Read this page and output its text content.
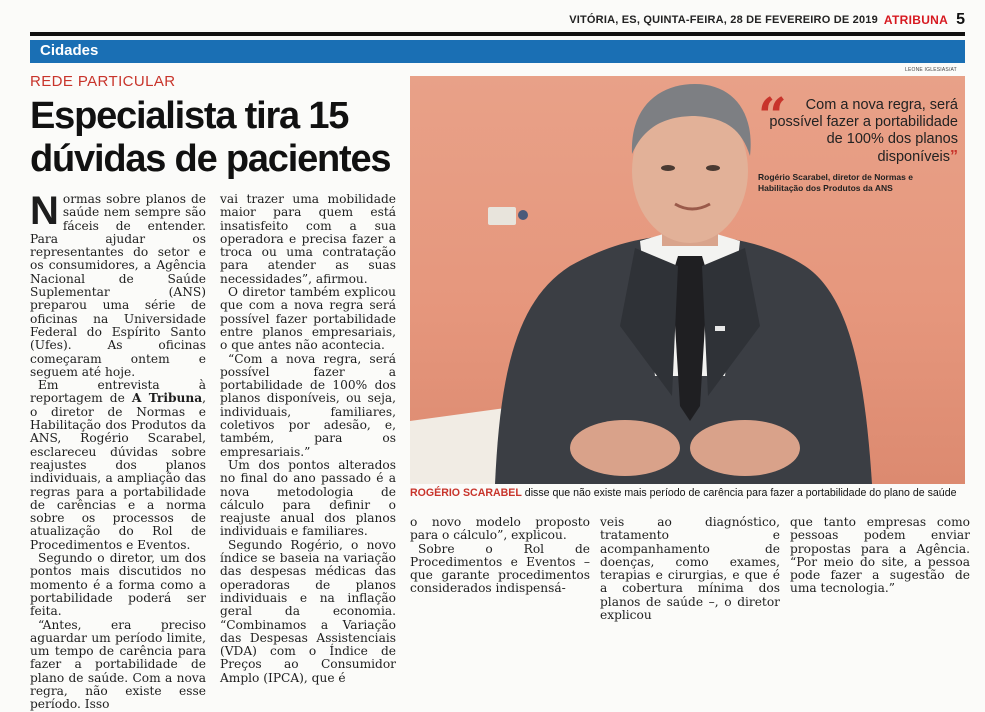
VITÓRIA, ES, QUINTA-FEIRA, 28 DE FEVEREIRO DE 2019 ATRIBUNA 5
Cidades
REDE PARTICULAR
Especialista tira 15 dúvidas de pacientes

Normas sobre planos de saúde nem sempre são fáceis de entender. Para ajudar os representantes do setor e os consumidores, a Agência Nacional de Saúde Suplementar (ANS) preparou uma série de oficinas na Universidade Federal do Espírito Santo (Ufes). As oficinas começaram ontem e seguem até hoje.

Em entrevista à reportagem de A Tribuna, o diretor de Normas e Habilitação dos Produtos da ANS, Rogério Scarabel, esclareceu dúvidas sobre reajustes dos planos individuais, a ampliação das regras para a portabilidade de carências e a norma sobre os processos de atualização do Rol de Procedimentos e Eventos.

Segundo o diretor, um dos pontos mais discutidos no momento é a forma como a portabilidade poderá ser feita.

“Antes, era preciso aguardar um período limite, um tempo de carência para fazer a portabilidade de plano de saúde. Com a nova regra, não existe esse período. Isso

vai trazer uma mobilidade maior para quem está insatisfeito com a sua operadora e precisa fazer a troca ou uma contratação para atender as suas necessidades”, afirmou.

O diretor também explicou que com a nova regra será possível fazer portabilidade entre planos empresariais, o que antes não acontecia.

“Com a nova regra, será possível fazer a portabilidade de 100% dos planos disponíveis, ou seja, individuais, familiares, coletivos por adesão, e, também, para os empresariais.”

Um dos pontos alterados no final do ano passado é a nova metodologia de cálculo para definir o reajuste anual dos planos individuais e familiares.

Segundo Rogério, o novo índice se baseia na variação das despesas médicas das operadoras de planos individuais e na inflação geral da economia. “Combinamos a Variação das Despesas Assistenciais (VDA) com o Índice de Preços ao Consumidor Amplo (IPCA), que é

LEONE IGLESIAS/AT
“	Com a nova regra, será possível fazer a portabilidade de 100% dos planos disponíveis”
Rogério Scarabel, diretor de Normas e Habilitação dos Produtos da ANS
ROGÉRIO SCARABEL disse que não existe mais período de carência para fazer a portabilidade do plano de saúde

o novo modelo proposto para o cálculo”, explicou.

Sobre o Rol de Procedimentos e Eventos – que garante procedimentos considerados indispensá-

veis ao diagnóstico, tratamento e acompanhamento de doenças, como exames, terapias e cirurgias, e que é a cobertura mínima dos planos de saúde –, o diretor explicou

que tanto empresas como pessoas podem enviar propostas para a Agência. “Por meio do site, a pessoa pode fazer a sugestão de uma tecnologia.”
